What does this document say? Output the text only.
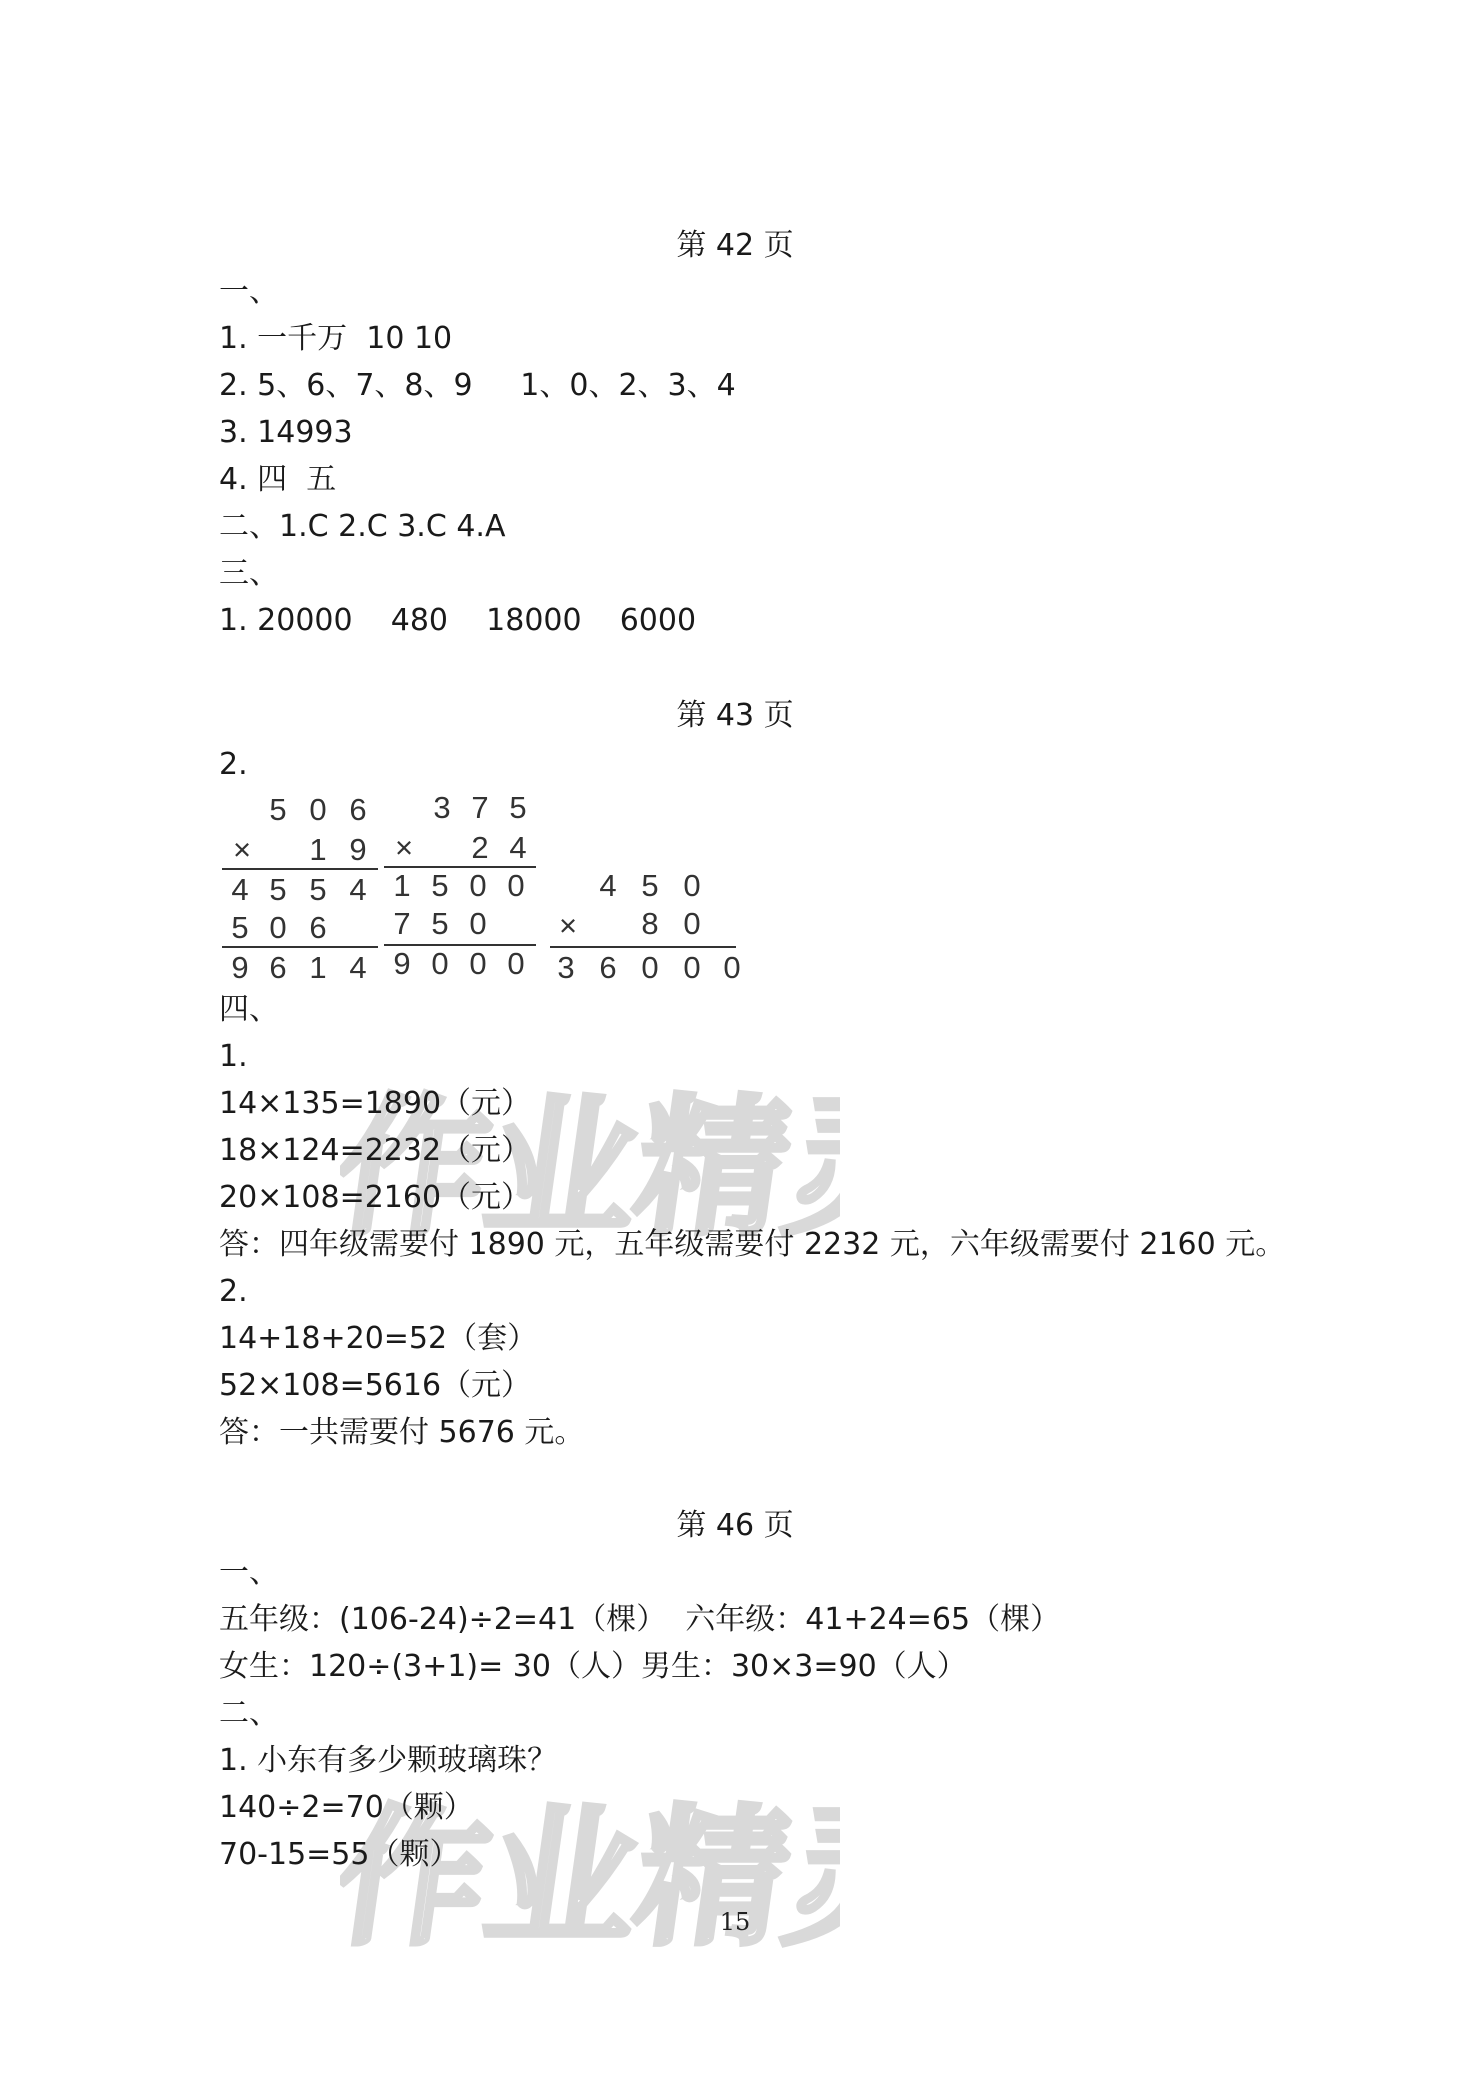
作业精灵
作业精灵
第 42 页
一、
1. 一千万  10 10
2. 5、6、7、8、9     1、0、2、3、4
3. 14993
4. 四  五
二、1.C 2.C 3.C 4.A
三、
1. 20000    480    18000    6000
第 43 页
2.
5 0 6
× 1 9
4 5 5 4
5 0 6
9 6 1 4
3 7 5
× 2 4
1 5 0 0
7 5 0
9 0 0 0
4 5 0
× 8 0
3 6 0 0 0
四、
1.
14×135=1890（元）
18×124=2232（元）
20×108=2160（元）
答：四年级需要付 1890 元，五年级需要付 2232 元，六年级需要付 2160 元。
2.
14+18+20=52（套）
52×108=5616（元）
答：一共需要付 5676 元。
第 46 页
一、
五年级：(106-24)÷2=41（棵）  六年级：41+24=65（棵）
女生：120÷(3+1)= 30（人）男生：30×3=90（人）
二、
1. 小东有多少颗玻璃珠？
140÷2=70（颗）
70-15=55（颗）
15
